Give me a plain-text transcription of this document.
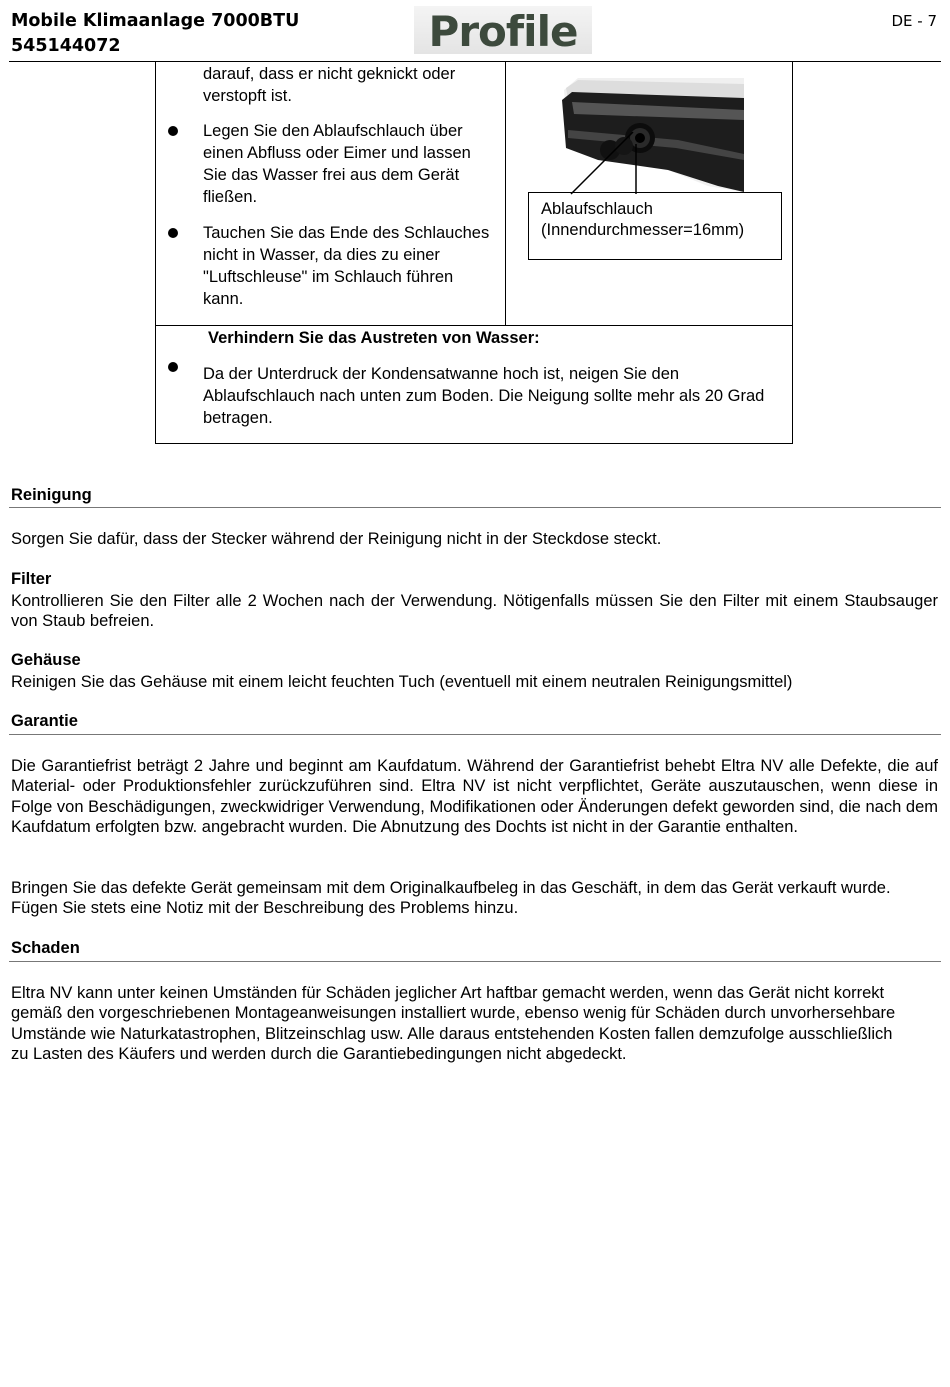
Mobile Klimaanlage 7000BTU
545144072	Profile	DE - 7
darauf, dass er nicht geknickt oder verstopft ist.
Legen Sie den Ablaufschlauch über einen Abfluss oder Eimer und lassen Sie das Wasser frei aus dem Gerät fließen.
Tauchen Sie das Ende des Schlauches nicht in Wasser, da dies zu einer "Luftschleuse" im Schlauch führen kann.
Ablaufschlauch
(Innendurchmesser=16mm)
Verhindern Sie das Austreten von Wasser:
Da der Unterdruck der Kondensatwanne hoch ist, neigen Sie den Ablaufschlauch nach unten zum Boden. Die Neigung sollte mehr als 20 Grad betragen.
Reinigung
Sorgen Sie dafür, dass der Stecker während der Reinigung nicht in der Steckdose steckt.
Filter
Kontrollieren Sie den Filter alle 2 Wochen nach der Verwendung. Nötigenfalls müssen Sie den Filter mit einem Staubsauger von Staub befreien.
Gehäuse
Reinigen Sie das Gehäuse mit einem leicht feuchten Tuch (eventuell mit einem neutralen Reinigungsmittel)
Garantie
Die Garantiefrist beträgt 2 Jahre und beginnt am Kaufdatum. Während der Garantiefrist behebt Eltra NV alle Defekte, die auf Material- oder Produktionsfehler zurückzuführen sind. Eltra NV ist nicht verpflichtet, Geräte auszutauschen, wenn diese in Folge von Beschädigungen, zweckwidriger Verwendung, Modifikationen oder Änderungen defekt geworden sind, die nach dem Kaufdatum erfolgten bzw. angebracht wurden. Die Abnutzung des Dochts ist nicht in der Garantie enthalten.
Bringen Sie das defekte Gerät gemeinsam mit dem Originalkaufbeleg in das Geschäft, in dem das Gerät verkauft wurde. Fügen Sie stets eine Notiz mit der Beschreibung des Problems hinzu.
Schaden
Eltra NV kann unter keinen Umständen für Schäden jeglicher Art haftbar gemacht werden, wenn das Gerät nicht korrekt gemäß den vorgeschriebenen Montageanweisungen installiert wurde, ebenso wenig für Schäden durch unvorhersehbare Umstände wie Naturkatastrophen, Blitzeinschlag usw. Alle daraus entstehenden Kosten fallen demzufolge ausschließlich zu Lasten des Käufers und werden durch die Garantiebedingungen nicht abgedeckt.
